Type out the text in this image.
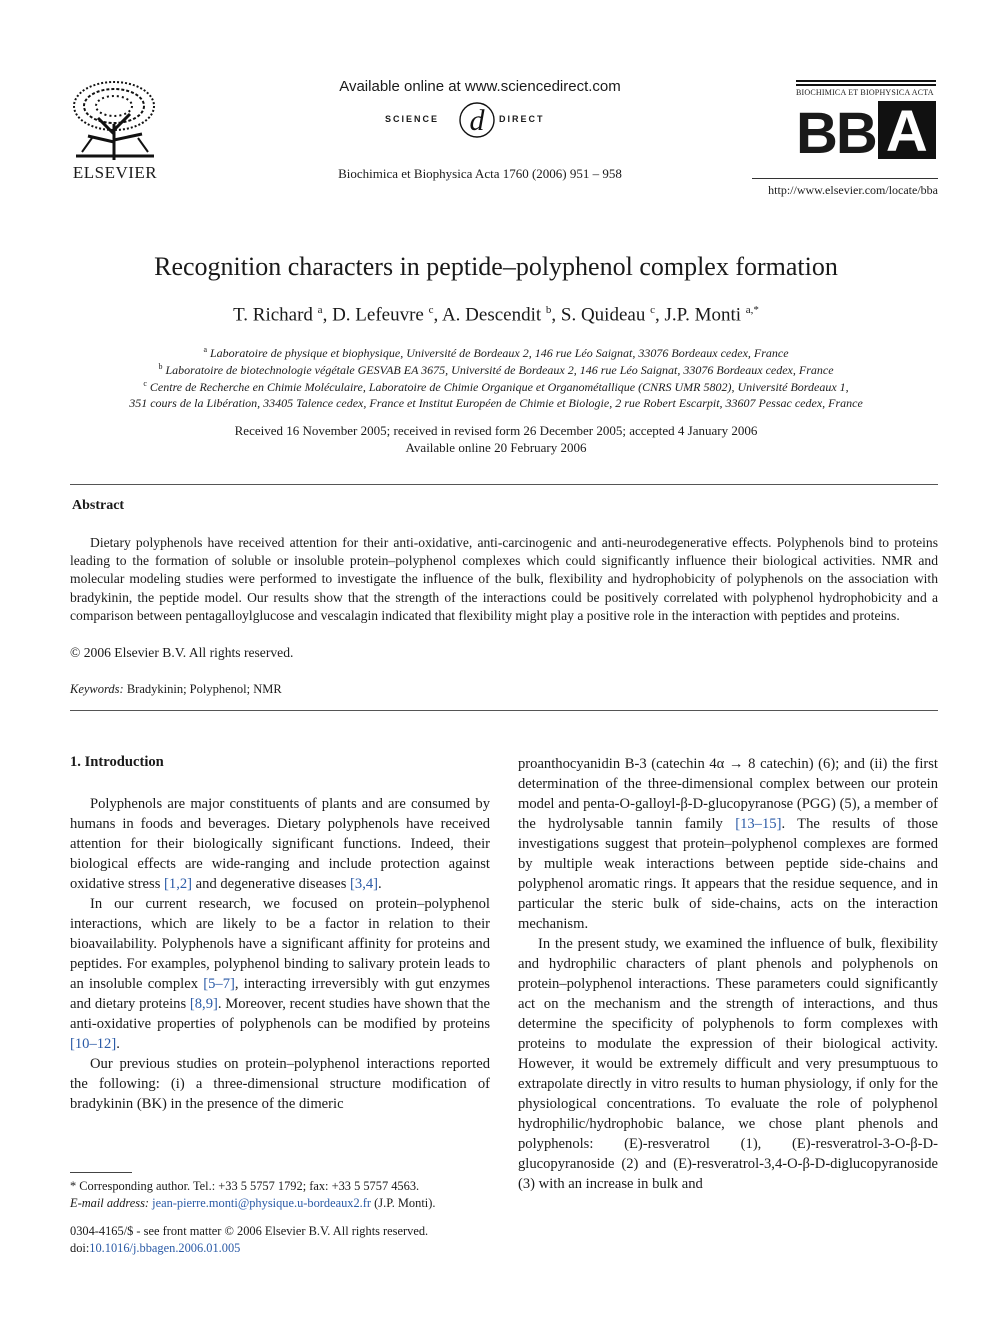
ELSEVIER
Available online at www.sciencedirect.com
SCIENCE d DIRECT
Biochimica et Biophysica Acta 1760 (2006) 951 – 958
BIOCHIMICA ET BIOPHYSICA ACTA
BB A
http://www.elsevier.com/locate/bba
Recognition characters in peptide–polyphenol complex formation
T. Richard $^a$, D. Lefeuvre $^c$, A. Descendit $^b$, S. Quideau $^c$, J.P. Monti $^{a,*}$
$^a$ Laboratoire de physique et biophysique, Université de Bordeaux 2, 146 rue Léo Saignat, 33076 Bordeaux cedex, France
$^b$ Laboratoire de biotechnologie végétale GESVAB EA 3675, Université de Bordeaux 2, 146 rue Léo Saignat, 33076 Bordeaux cedex, France
$^c$ Centre de Recherche en Chimie Moléculaire, Laboratoire de Chimie Organique et Organométallique (CNRS UMR 5802), Université Bordeaux 1,
351 cours de la Libération, 33405 Talence cedex, France et Institut Européen de Chimie et Biologie, 2 rue Robert Escarpit, 33607 Pessac cedex, France
Received 16 November 2005; received in revised form 26 December 2005; accepted 4 January 2006
Available online 20 February 2006
Abstract
Dietary polyphenols have received attention for their anti-oxidative, anti-carcinogenic and anti-neurodegenerative effects. Polyphenols bind to proteins leading to the formation of soluble or insoluble protein–polyphenol complexes which could significantly influence their biological activities. NMR and molecular modeling studies were performed to investigate the influence of the bulk, flexibility and hydrophobicity of polyphenols on the association with bradykinin, the peptide model. Our results show that the strength of the interactions could be positively correlated with polyphenol hydrophobicity and a comparison between pentagalloylglucose and vescalagin indicated that flexibility might play a positive role in the interaction with peptides and proteins.
© 2006 Elsevier B.V. All rights reserved.
Keywords: Bradykinin; Polyphenol; NMR
1. Introduction

Polyphenols are major constituents of plants and are consumed by humans in foods and beverages. Dietary polyphenols have received attention for their biologically significant functions. Indeed, their biological effects are wide-ranging and include protection against oxidative stress [1,2] and degenerative diseases [3,4].

In our current research, we focused on protein–polyphenol interactions, which are likely to be a factor in relation to their bioavailability. Polyphenols have a significant affinity for proteins and peptides. For examples, polyphenol binding to salivary protein leads to an insoluble complex [5–7], interacting irreversibly with gut enzymes and dietary proteins [8,9]. Moreover, recent studies have shown that the anti-oxidative properties of polyphenols can be modified by proteins [10–12].

Our previous studies on protein–polyphenol interactions reported the following: (i) a three-dimensional structure modification of bradykinin (BK) in the presence of the dimeric

proanthocyanidin B-3 (catechin 4α → 8 catechin) (6); and (ii) the first determination of the three-dimensional complex between our protein model and penta-O-galloyl-β-D-glucopyranose (PGG) (5), a member of the hydrolysable tannin family [13–15]. The results of those investigations suggest that protein–polyphenol complexes are formed by multiple weak interactions between peptide side-chains and polyphenol aromatic rings. It appears that the residue sequence, and in particular the steric bulk of side-chains, acts on the interaction mechanism.

In the present study, we examined the influence of bulk, flexibility and hydrophilic characters of plant phenols and polyphenols on protein–polyphenol interactions. These parameters could significantly act on the mechanism and the strength of interactions, and thus determine the specificity of polyphenols to form complexes with proteins to modulate the expression of their biological activity. However, it would be extremely difficult and very presumptuous to extrapolate directly in vitro results to human physiology, if only for the physiological concentrations. To evaluate the role of polyphenol hydrophilic/hydrophobic balance, we chose plant phenols and polyphenols: (E)-resveratrol (1), (E)-resveratrol-3-O-β-D-glucopyranoside (2) and (E)-resveratrol-3,4-O-β-D-diglucopyranoside (3) with an increase in bulk and

* Corresponding author. Tel.: +33 5 5757 1792; fax: +33 5 5757 4563.
E-mail address: jean-pierre.monti@physique.u-bordeaux2.fr (J.P. Monti).
0304-4165/$ - see front matter © 2006 Elsevier B.V. All rights reserved.
doi:10.1016/j.bbagen.2006.01.005
